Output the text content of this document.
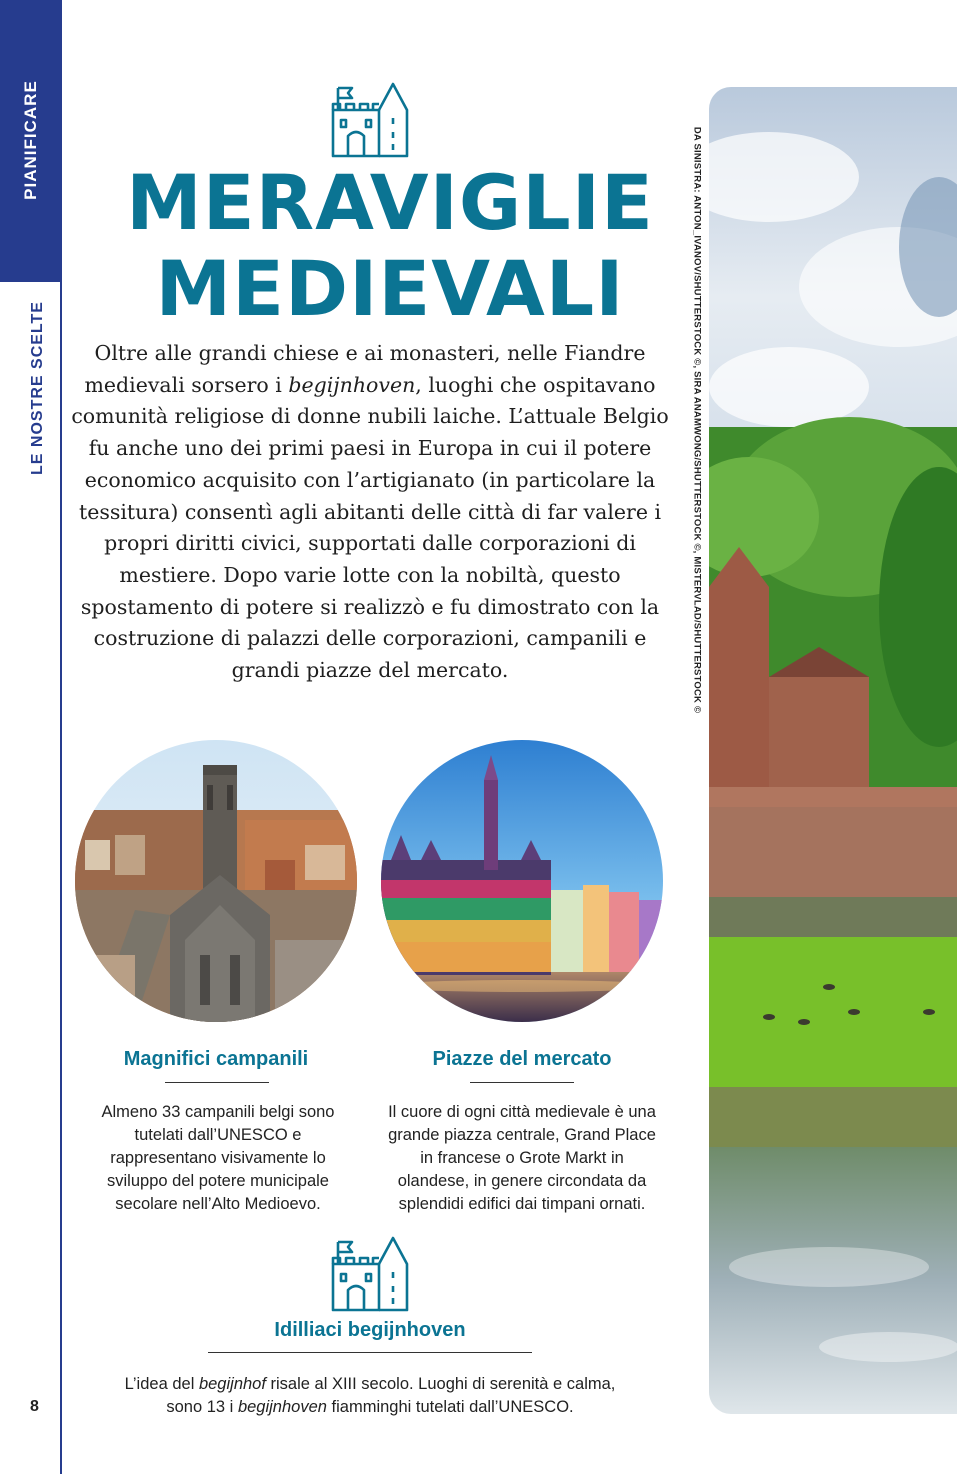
PIANIFICARE
LE NOSTRE SCELTE
MERAVIGLIE
MEDIEVALI

Oltre alle grandi chiese e ai monasteri, nelle Fiandre medievali sorsero i begijnhoven, luoghi che ospitavano comunità religiose di donne nubili laiche. L’attuale Belgio fu anche uno dei primi paesi in Europa in cui il potere economico acquisito con l’artigianato (in particolare la tessitura) consentì agli abitanti delle città di far valere i propri diritti civici, supportati dalle corporazioni di mestiere. Dopo varie lotte con la nobiltà, questo spostamento di potere si realizzò e fu dimostrato con la costruzione di palazzi delle corporazioni, campanili e grandi piazze del mercato.

Magnifici campanili
Almeno 33 campanili belgi sono tutelati dall’UNESCO e rappresentano visivamente lo sviluppo del potere municipale secolare nell’Alto Medioevo.
Piazze del mercato
Il cuore di ogni città medievale è una grande piazza centrale, Grand Place in francese o Grote Markt in olandese, in genere circondata da splendidi edifici dai timpani ornati.
Idilliaci begijnhoven
L’idea del begijnhof risale al XIII secolo. Luoghi di serenità e calma, sono 13 i begijnhoven fiamminghi tutelati dall’UNESCO.
DA SINISTRA: ANTON_IVANOV/SHUTTERSTOCK ©, SIRA ANAMWONG/SHUTTERSTOCK ©, MISTERVLAD/SHUTTERSTOCK ©
8
